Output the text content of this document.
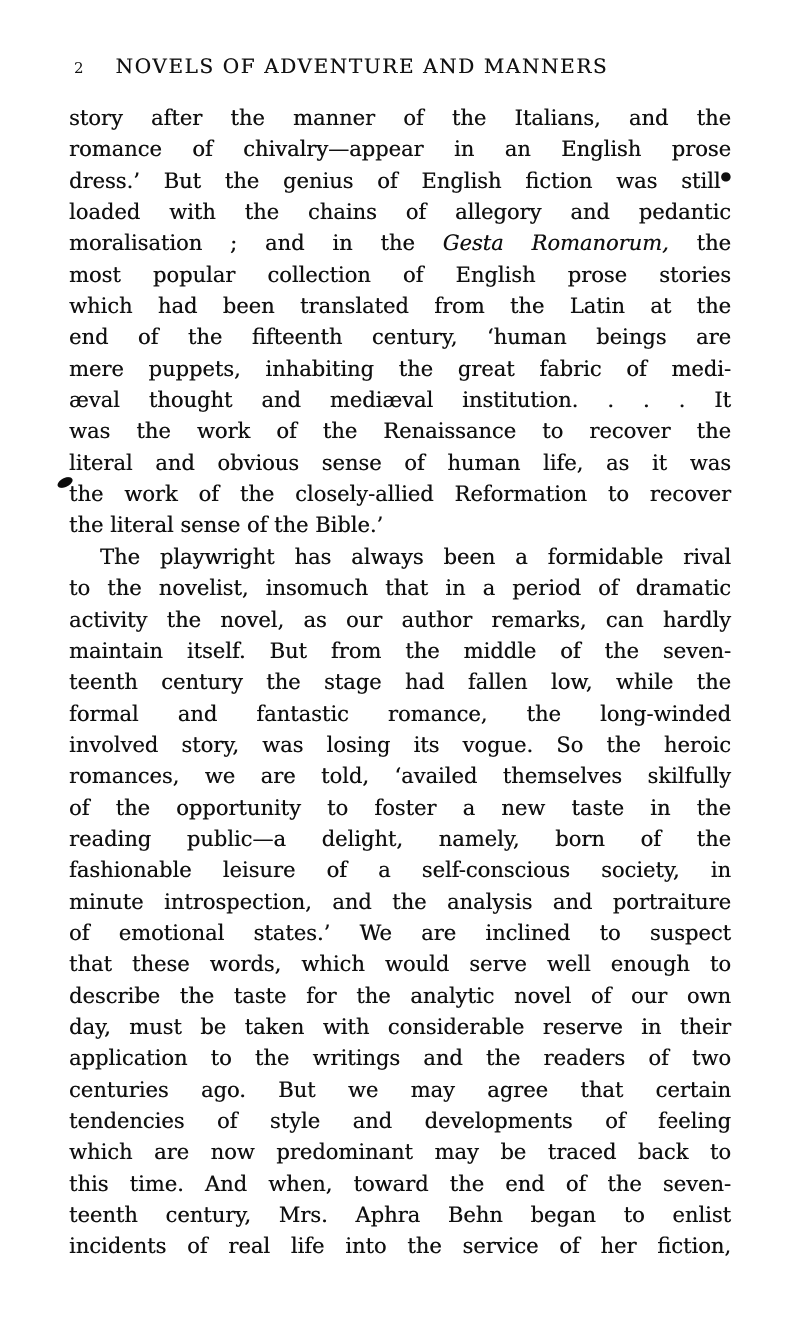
2 NOVELS OF ADVENTURE AND MANNERS
story after the manner of the Italians, and the
romance of chivalry—appear in an English prose
dress.’ But the genius of English fiction was still●
loaded with the chains of allegory and pedantic
moralisation ; and in the Gesta Romanorum, the
most popular collection of English prose stories
which had been translated from the Latin at the
end of the fifteenth century, ‘human beings are
mere puppets, inhabiting the great fabric of medi-
æval thought and mediæval institution. . . . It
was the work of the Renaissance to recover the
literal and obvious sense of human life, as it was
the work of the closely-allied Reformation to recover
the literal sense of the Bible.’
The playwright has always been a formidable rival
to the novelist, insomuch that in a period of dramatic
activity the novel, as our author remarks, can hardly
maintain itself. But from the middle of the seven-
teenth century the stage had fallen low, while the
formal and fantastic romance, the long-winded
involved story, was losing its vogue. So the heroic
romances, we are told, ‘availed themselves skilfully
of the opportunity to foster a new taste in the
reading public—a delight, namely, born of the
fashionable leisure of a self-conscious society, in
minute introspection, and the analysis and portraiture
of emotional states.’ We are inclined to suspect
that these words, which would serve well enough to
describe the taste for the analytic novel of our own
day, must be taken with considerable reserve in their
application to the writings and the readers of two
centuries ago. But we may agree that certain
tendencies of style and developments of feeling
which are now predominant may be traced back to
this time. And when, toward the end of the seven-
teenth century, Mrs. Aphra Behn began to enlist
incidents of real life into the service of her fiction,
